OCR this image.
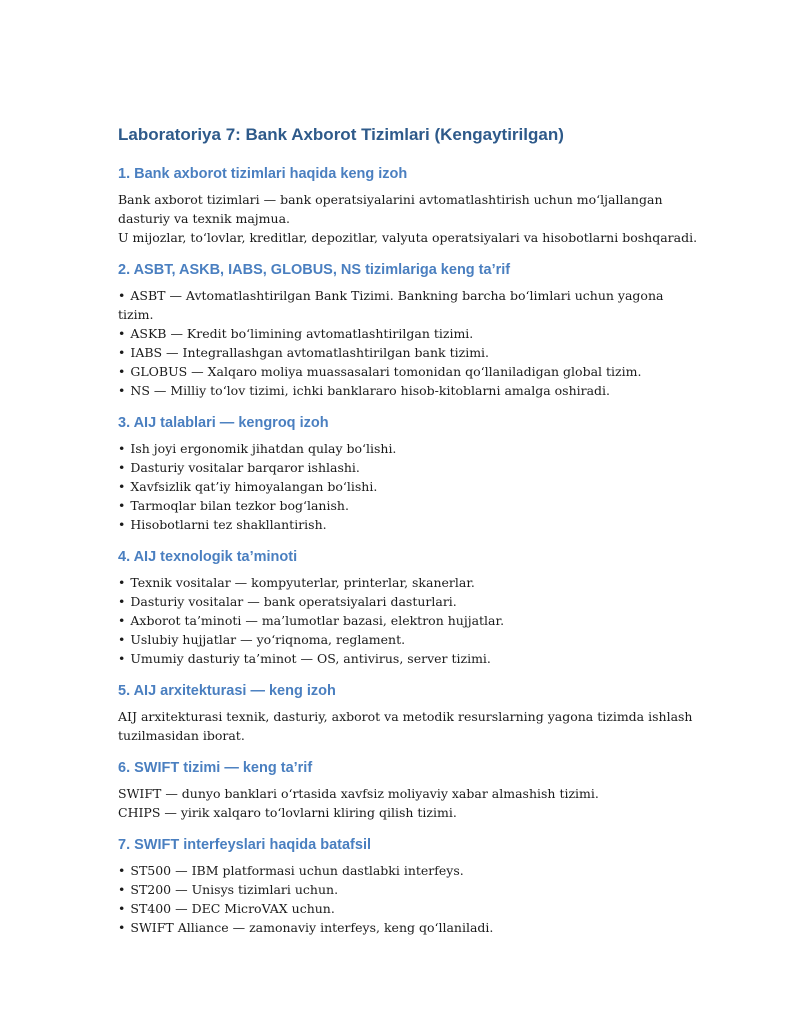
Laboratoriya 7: Bank Axborot Tizimlari (Kengaytirilgan)
1. Bank axborot tizimlari haqida keng izoh

Bank axborot tizimlari — bank operatsiyalarini avtomatlashtirish uchun mo‘ljallangan dasturiy va texnik majmua.

U mijozlar, to‘lovlar, kreditlar, depozitlar, valyuta operatsiyalari va hisobotlarni boshqaradi.

2. ASBT, ASKB, IABS, GLOBUS, NS tizimlariga keng ta’rif
• ASBT — Avtomatlashtirilgan Bank Tizimi. Bankning barcha bo‘limlari uchun yagona tizim.
• ASKB — Kredit bo‘limining avtomatlashtirilgan tizimi.
• IABS — Integrallashgan avtomatlashtirilgan bank tizimi.
• GLOBUS — Xalqaro moliya muassasalari tomonidan qo‘llaniladigan global tizim.
• NS — Milliy to‘lov tizimi, ichki banklararo hisob-kitoblarni amalga oshiradi.
3. AIJ talablari — kengroq izoh
• Ish joyi ergonomik jihatdan qulay bo‘lishi.
• Dasturiy vositalar barqaror ishlashi.
• Xavfsizlik qat’iy himoyalangan bo‘lishi.
• Tarmoqlar bilan tezkor bog‘lanish.
• Hisobotlarni tez shakllantirish.
4. AIJ texnologik ta’minoti
• Texnik vositalar — kompyuterlar, printerlar, skanerlar.
• Dasturiy vositalar — bank operatsiyalari dasturlari.
• Axborot ta’minoti — ma’lumotlar bazasi, elektron hujjatlar.
• Uslubiy hujjatlar — yo‘riqnoma, reglament.
• Umumiy dasturiy ta’minot — OS, antivirus, server tizimi.
5. AIJ arxitekturasi — keng izoh

AIJ arxitekturasi texnik, dasturiy, axborot va metodik resurslarning yagona tizimda ishlash tuzilmasidan iborat.

6. SWIFT tizimi — keng ta’rif

SWIFT — dunyo banklari o‘rtasida xavfsiz moliyaviy xabar almashish tizimi.

CHIPS — yirik xalqaro to‘lovlarni kliring qilish tizimi.

7. SWIFT interfeyslari haqida batafsil
• ST500 — IBM platformasi uchun dastlabki interfeys.
• ST200 — Unisys tizimlari uchun.
• ST400 — DEC MicroVAX uchun.
• SWIFT Alliance — zamonaviy interfeys, keng qo‘llaniladi.
